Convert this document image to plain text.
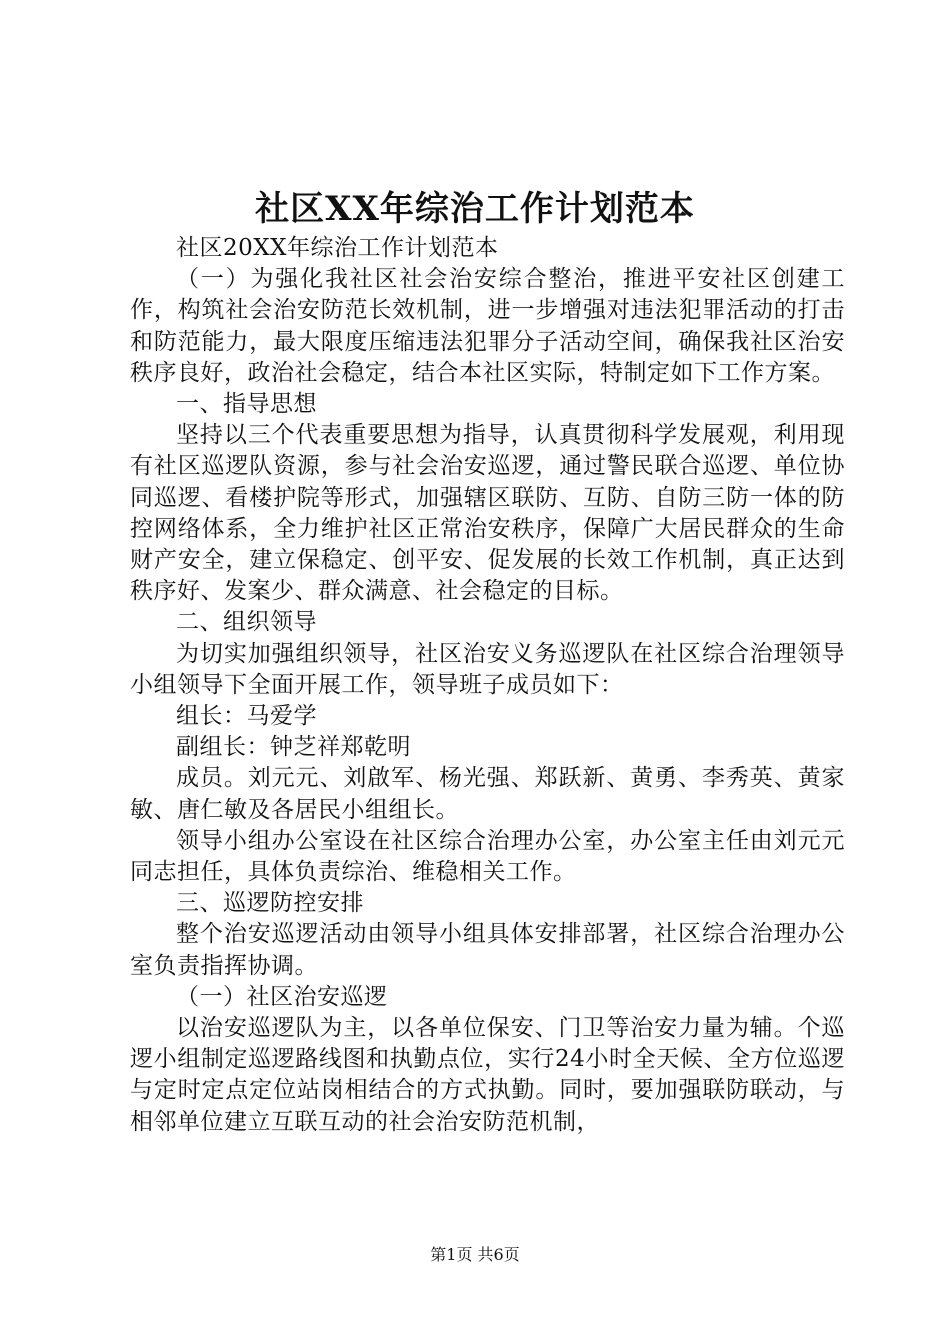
社区XX年综治工作计划范本

社区20XX年综治工作计划范本

（一）为强化我社区社会治安综合整治，推进平安社区创建工作，构筑社会治安防范长效机制，进一步增强对违法犯罪活动的打击和防范能力，最大限度压缩违法犯罪分子活动空间，确保我社区治安秩序良好，政治社会稳定，结合本社区实际，特制定如下工作方案。

一、指导思想

坚持以三个代表重要思想为指导，认真贯彻科学发展观，利用现有社区巡逻队资源，参与社会治安巡逻，通过警民联合巡逻、单位协同巡逻、看楼护院等形式，加强辖区联防、互防、自防三防一体的防控网络体系，全力维护社区正常治安秩序，保障广大居民群众的生命财产安全，建立保稳定、创平安、促发展的长效工作机制，真正达到秩序好、发案少、群众满意、社会稳定的目标。

二、组织领导

为切实加强组织领导，社区治安义务巡逻队在社区综合治理领导小组领导下全面开展工作，领导班子成员如下：

组长：马爱学

副组长：钟芝祥郑乾明

成员。刘元元、刘啟军、杨光强、郑跃新、黄勇、李秀英、黄家敏、唐仁敏及各居民小组组长。

领导小组办公室设在社区综合治理办公室，办公室主任由刘元元同志担任，具体负责综治、维稳相关工作。

三、巡逻防控安排

整个治安巡逻活动由领导小组具体安排部署，社区综合治理办公室负责指挥协调。

（一）社区治安巡逻

以治安巡逻队为主，以各单位保安、门卫等治安力量为辅。个巡逻小组制定巡逻路线图和执勤点位，实行24小时全天候、全方位巡逻与定时定点定位站岗相结合的方式执勤。同时，要加强联防联动，与相邻单位建立互联互动的社会治安防范机制，

第1页 共6页
